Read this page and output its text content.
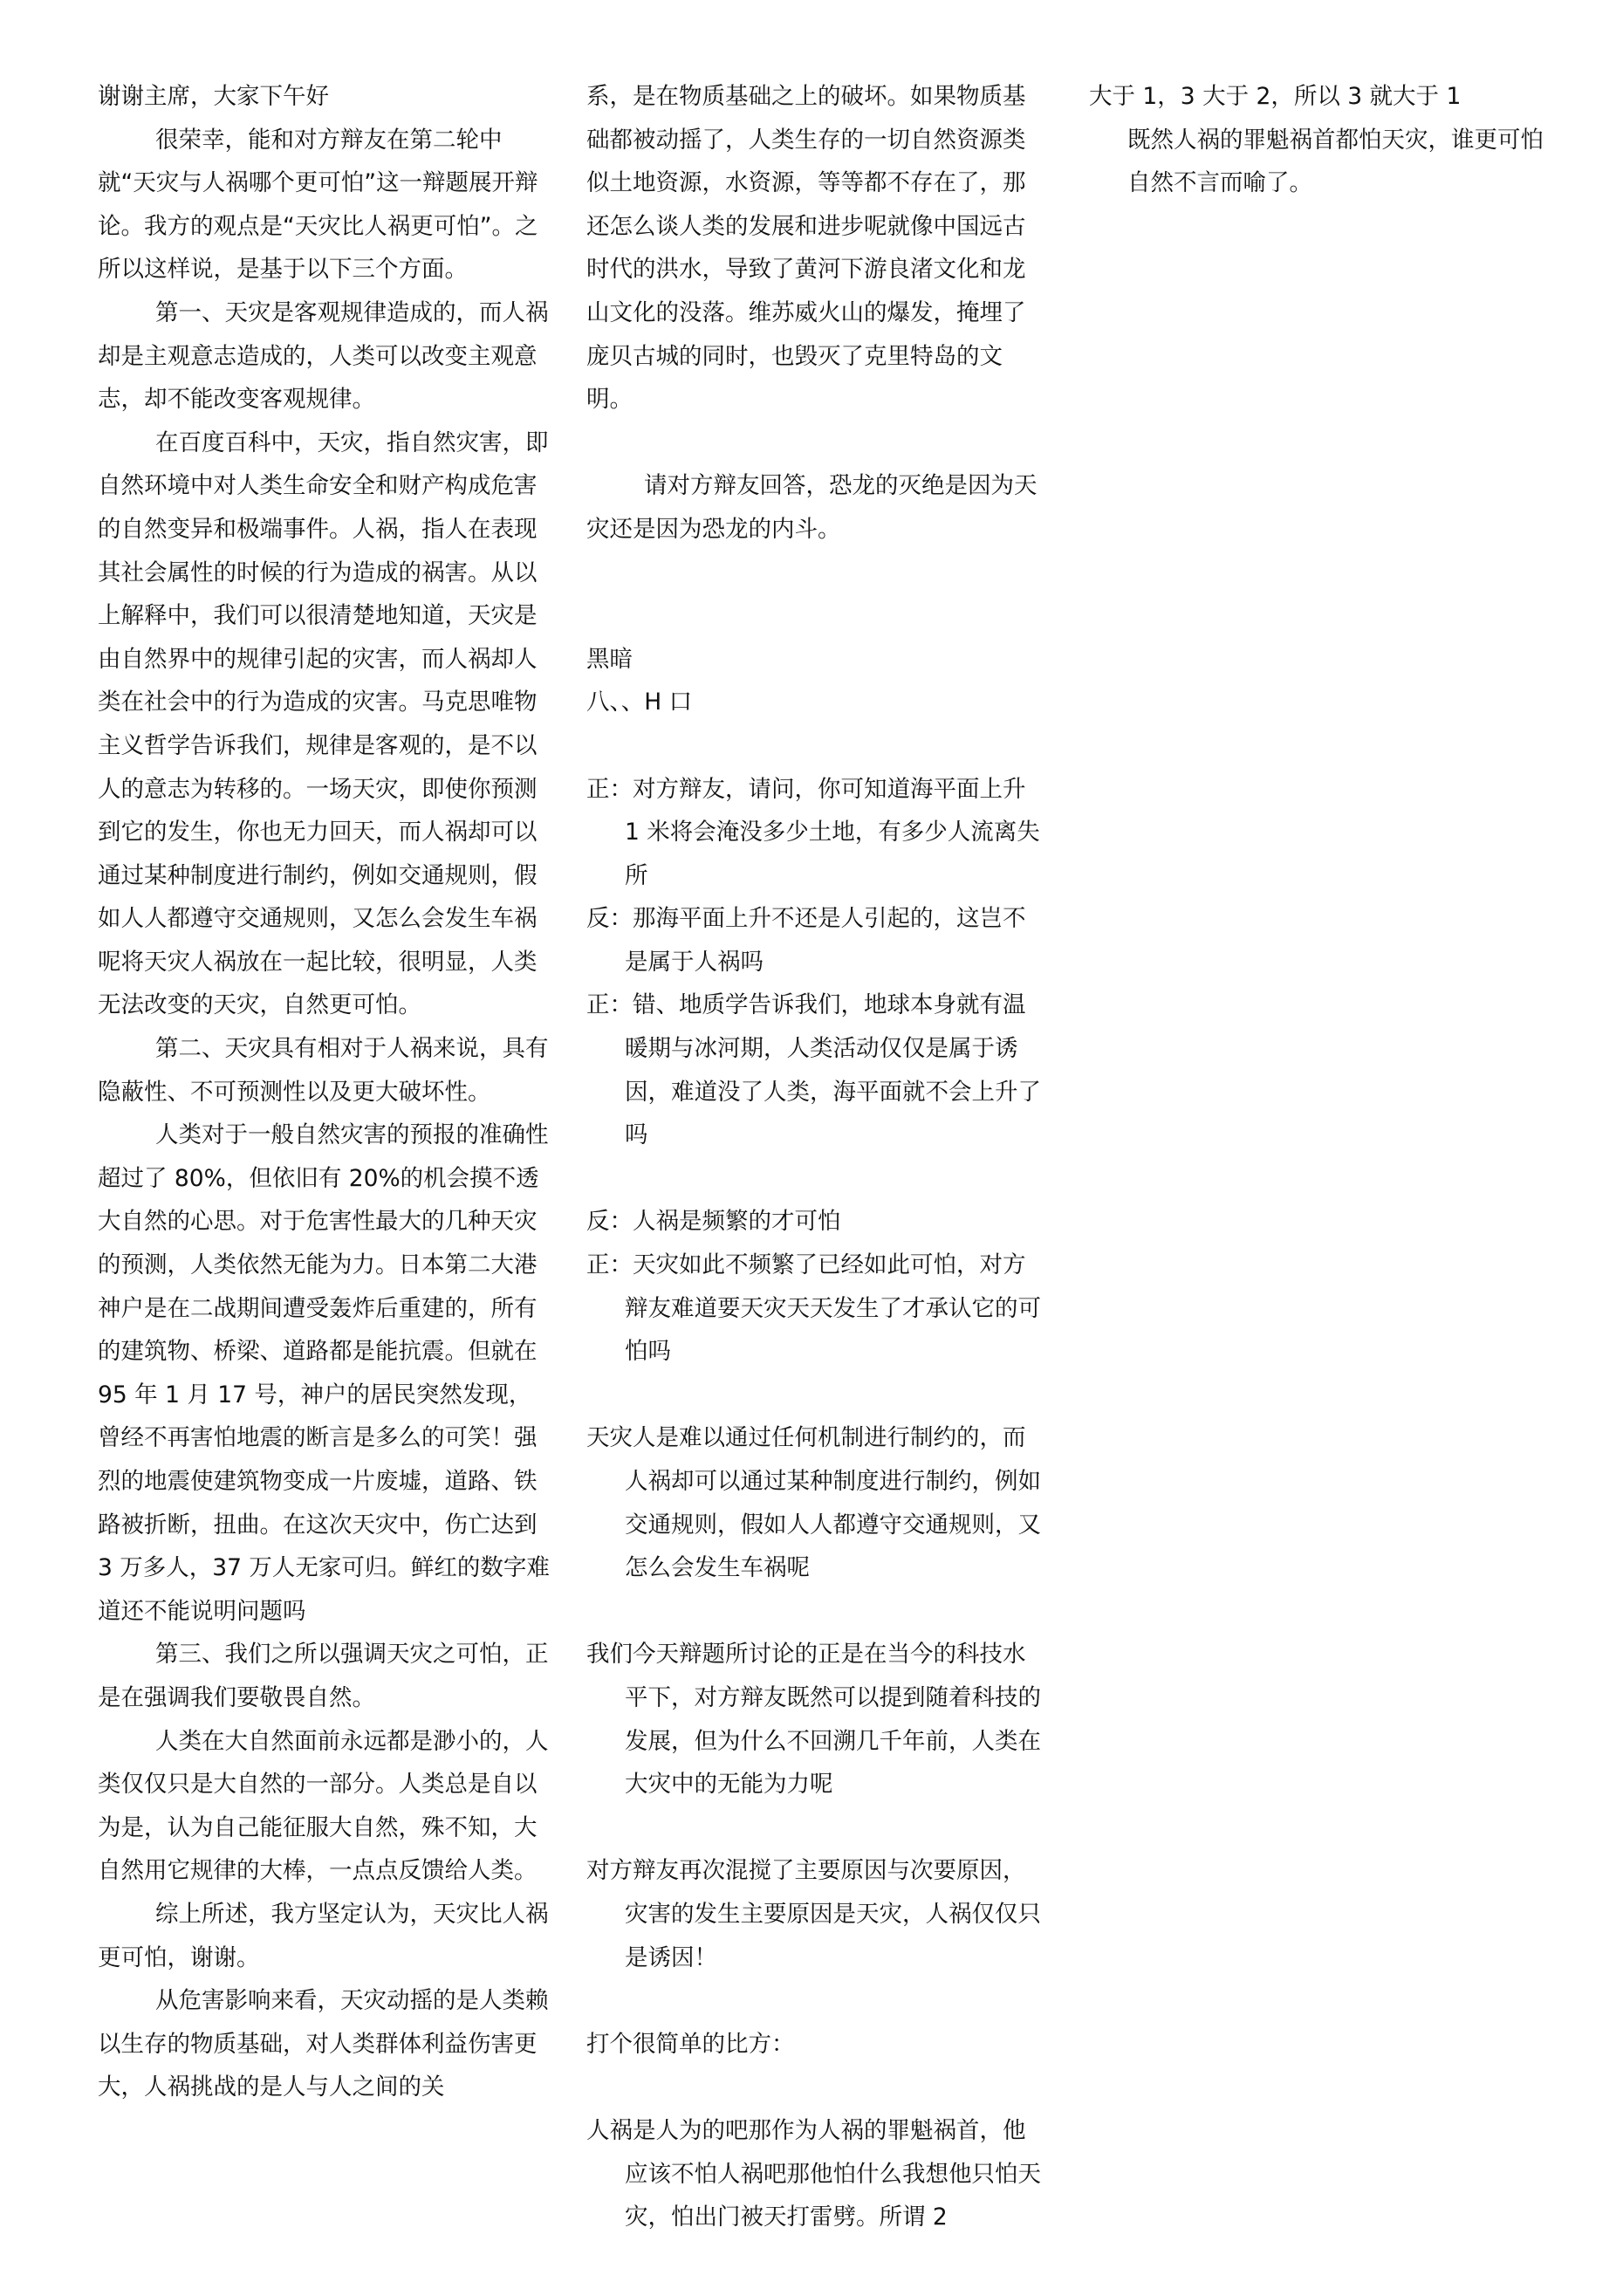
谢谢主席，大家下午好

很荣幸，能和对方辩友在第二轮中就“天灾与人祸哪个更可怕”这一辩题展开辩论。我方的观点是“天灾比人祸更可怕”。之所以这样说，是基于以下三个方面。

第一、天灾是客观规律造成的，而人祸却是主观意志造成的，人类可以改变主观意志，却不能改变客观规律。

在百度百科中，天灾，指自然灾害，即自然环境中对人类生命安全和财产构成危害的自然变异和极端事件。人祸，指人在表现其社会属性的时候的行为造成的祸害。从以上解释中，我们可以很清楚地知道，天灾是由自然界中的规律引起的灾害，而人祸却人类在社会中的行为造成的灾害。马克思唯物主义哲学告诉我们，规律是客观的，是不以人的意志为转移的。一场天灾，即使你预测到它的发生，你也无力回天，而人祸却可以通过某种制度进行制约，例如交通规则，假如人人都遵守交通规则，又怎么会发生车祸呢将天灾人祸放在一起比较，很明显，人类无法改变的天灾，自然更可怕。

第二、天灾具有相对于人祸来说，具有隐蔽性、不可预测性以及更大破坏性。

人类对于一般自然灾害的预报的准确性超过了 80%，但依旧有 20%的机会摸不透大自然的心思。对于危害性最大的几种天灾的预测，人类依然无能为力。日本第二大港神户是在二战期间遭受轰炸后重建的，所有的建筑物、桥梁、道路都是能抗震。但就在 95 年 1 月 17 号，神户的居民突然发现，曾经不再害怕地震的断言是多么的可笑！强烈的地震使建筑物变成一片废墟，道路、铁路被折断，扭曲。在这次天灾中，伤亡达到 3 万多人，37 万人无家可归。鲜红的数字难道还不能说明问题吗

第三、我们之所以强调天灾之可怕，正是在强调我们要敬畏自然。

人类在大自然面前永远都是渺小的，人类仅仅只是大自然的一部分。人类总是自以为是，认为自己能征服大自然，殊不知，大自然用它规律的大棒，一点点反馈给人类。

综上所述，我方坚定认为，天灾比人祸更可怕，谢谢。

从危害影响来看，天灾动摇的是人类赖以生存的物质基础，对人类群体利益伤害更大，人祸挑战的是人与人之间的关

系，是在物质基础之上的破坏。如果物质基础都被动摇了，人类生存的一切自然资源类似土地资源，水资源，等等都不存在了，那还怎么谈人类的发展和进步呢就像中国远古时代的洪水，导致了黄河下游良渚文化和龙山文化的没落。维苏威火山的爆发，掩埋了庞贝古城的同时，也毁灭了克里特岛的文明。

请对方辩友回答，恐龙的灭绝是因为天灾还是因为恐龙的内斗。

黑暗

八、、H 口

正：对方辩友，请问，你可知道海平面上升 1 米将会淹没多少土地，有多少人流离失所

反：那海平面上升不还是人引起的，这岂不是属于人祸吗

正：错、地质学告诉我们，地球本身就有温暖期与冰河期，人类活动仅仅是属于诱因，难道没了人类，海平面就不会上升了吗

反：人祸是频繁的才可怕

正：天灾如此不频繁了已经如此可怕，对方辩友难道要天灾天天发生了才承认它的可怕吗

天灾人是难以通过任何机制进行制约的，而人祸却可以通过某种制度进行制约，例如交通规则，假如人人都遵守交通规则，又怎么会发生车祸呢

我们今天辩题所讨论的正是在当今的科技水平下，对方辩友既然可以提到随着科技的发展，但为什么不回溯几千年前，人类在大灾中的无能为力呢

对方辩友再次混搅了主要原因与次要原因，灾害的发生主要原因是天灾，人祸仅仅只是诱因！

打个很简单的比方：

人祸是人为的吧那作为人祸的罪魁祸首，他应该不怕人祸吧那他怕什么我想他只怕天灾，怕出门被天打雷劈。所谓 2

大于 1，3 大于 2，所以 3 就大于 1

既然人祸的罪魁祸首都怕天灾，谁更可怕自然不言而喻了。
